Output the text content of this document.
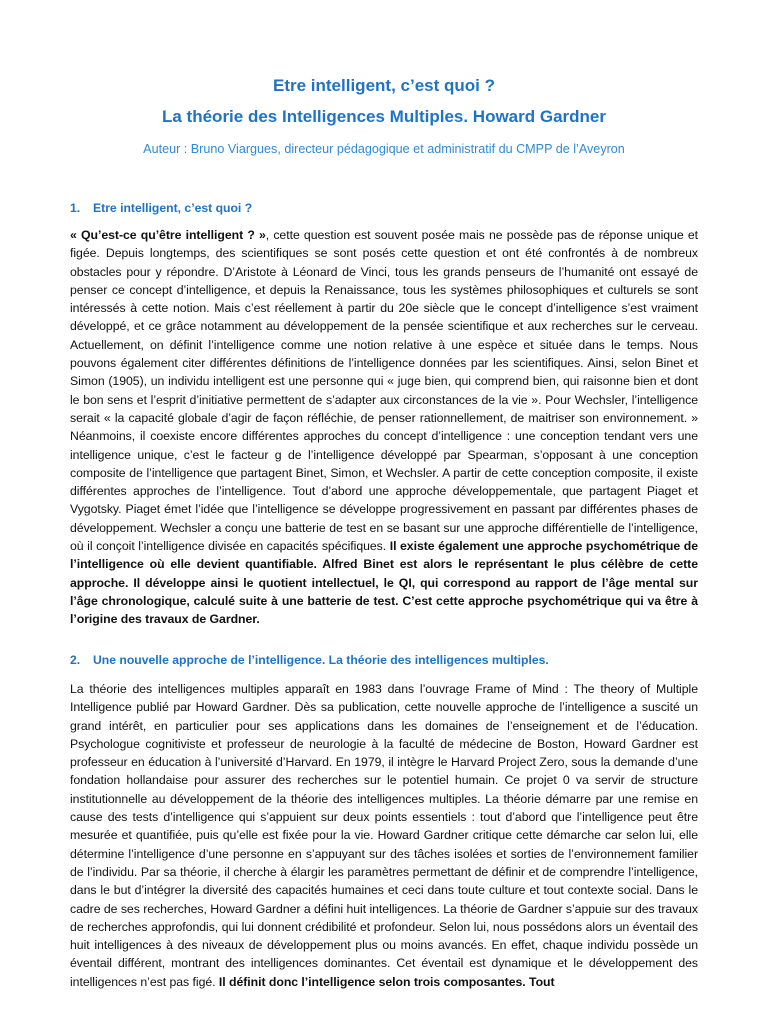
Etre intelligent, c’est quoi ?
La théorie des Intelligences Multiples. Howard Gardner
Auteur : Bruno Viargues, directeur pédagogique et administratif du CMPP de l’Aveyron
1. Etre intelligent, c’est quoi ?

« Qu’est-ce qu’être intelligent ? », cette question est souvent posée mais ne possède pas de réponse unique et figée. Depuis longtemps, des scientifiques se sont posés cette question et ont été confrontés à de nombreux obstacles pour y répondre. D’Aristote à Léonard de Vinci, tous les grands penseurs de l’humanité ont essayé de penser ce concept d’intelligence, et depuis la Renaissance, tous les systèmes philosophiques et culturels se sont intéressés à cette notion. Mais c’est réellement à partir du 20e siècle que le concept d’intelligence s’est vraiment développé, et ce grâce notamment au développement de la pensée scientifique et aux recherches sur le cerveau. Actuellement, on définit l’intelligence comme une notion relative à une espèce et située dans le temps. Nous pouvons également citer différentes définitions de l’intelligence données par les scientifiques. Ainsi, selon Binet et Simon (1905), un individu intelligent est une personne qui « juge bien, qui comprend bien, qui raisonne bien et dont le bon sens et l’esprit d’initiative permettent de s’adapter aux circonstances de la vie ». Pour Wechsler, l’intelligence serait « la capacité globale d’agir de façon réfléchie, de penser rationnellement, de maitriser son environnement. » Néanmoins, il coexiste encore différentes approches du concept d’intelligence : une conception tendant vers une intelligence unique, c’est le facteur g de l’intelligence développé par Spearman, s’opposant à une conception composite de l’intelligence que partagent Binet, Simon, et Wechsler. A partir de cette conception composite, il existe différentes approches de l’intelligence. Tout d’abord une approche développementale, que partagent Piaget et Vygotsky. Piaget émet l’idée que l’intelligence se développe progressivement en passant par différentes phases de développement. Wechsler a conçu une batterie de test en se basant sur une approche différentielle de l’intelligence, où il conçoit l’intelligence divisée en capacités spécifiques. Il existe également une approche psychométrique de l’intelligence où elle devient quantifiable. Alfred Binet est alors le représentant le plus célèbre de cette approche. Il développe ainsi le quotient intellectuel, le QI, qui correspond au rapport de l’âge mental sur l’âge chronologique, calculé suite à une batterie de test. C’est cette approche psychométrique qui va être à l’origine des travaux de Gardner.

2. Une nouvelle approche de l’intelligence. La théorie des intelligences multiples.

La théorie des intelligences multiples apparaît en 1983 dans l’ouvrage Frame of Mind : The theory of Multiple Intelligence publié par Howard Gardner. Dès sa publication, cette nouvelle approche de l’intelligence a suscité un grand intérêt, en particulier pour ses applications dans les domaines de l’enseignement et de l’éducation. Psychologue cognitiviste et professeur de neurologie à la faculté de médecine de Boston, Howard Gardner est professeur en éducation à l’université d’Harvard. En 1979, il intègre le Harvard Project Zero, sous la demande d’une fondation hollandaise pour assurer des recherches sur le potentiel humain. Ce projet 0 va servir de structure institutionnelle au développement de la théorie des intelligences multiples. La théorie démarre par une remise en cause des tests d’intelligence qui s’appuient sur deux points essentiels : tout d’abord que l’intelligence peut être mesurée et quantifiée, puis qu’elle est fixée pour la vie. Howard Gardner critique cette démarche car selon lui, elle détermine l’intelligence d’une personne en s’appuyant sur des tâches isolées et sorties de l’environnement familier de l’individu. Par sa théorie, il cherche à élargir les paramètres permettant de définir et de comprendre l’intelligence, dans le but d’intégrer la diversité des capacités humaines et ceci dans toute culture et tout contexte social. Dans le cadre de ses recherches, Howard Gardner a défini huit intelligences. La théorie de Gardner s’appuie sur des travaux de recherches approfondis, qui lui donnent crédibilité et profondeur. Selon lui, nous possédons alors un éventail des huit intelligences à des niveaux de développement plus ou moins avancés. En effet, chaque individu possède un éventail différent, montrant des intelligences dominantes. Cet éventail est dynamique et le développement des intelligences n’est pas figé. Il définit donc l’intelligence selon trois composantes. Tout
